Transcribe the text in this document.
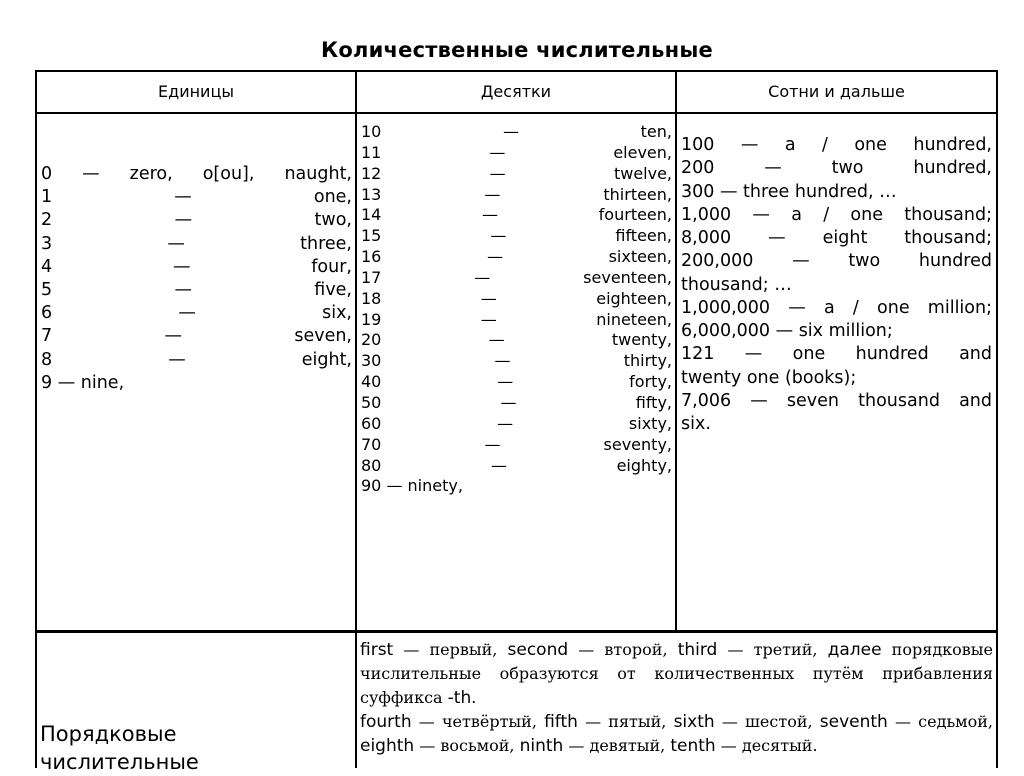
Количественные числительные
Единицы	Десятки	Сотни и дальше
0 — zero, o[ou], naught,
1 — one,
2 — two,
3 — three,
4 — four,
5 — five,
6 — six,
7 — seven,
8 — eight,
9 — nine,
10 — ten,
11 — eleven,
12 — twelve,
13 — thirteen,
14 — fourteen,
15 — fifteen,
16 — sixteen,
17 — seventeen,
18 — eighteen,
19 — nineteen,
20 — twenty,
30 — thirty,
40 — forty,
50 — fifty,
60 — sixty,
70 — seventy,
80 — eighty,
90 — ninety,
100 — a / one hundred,
200 — two hundred,
300 — three hundred, …
1,000 — a / one thousand;
8,000 — eight thousand;
200,000 — two hundred
thousand; …
1,000,000 — a / one million;
6,000,000 — six million;
121 — one hundred and
twenty one (books);
7,006 — seven thousand and
six.
Порядковые числительные
first — первый, second — второй, third — третий, далее порядковые числительные образуются от количественных путём прибавления суффикса -th.
fourth — четвёртый, fifth — пятый, sixth — шестой, seventh — седьмой, eighth — восьмой, ninth — девятый, tenth — десятый.
